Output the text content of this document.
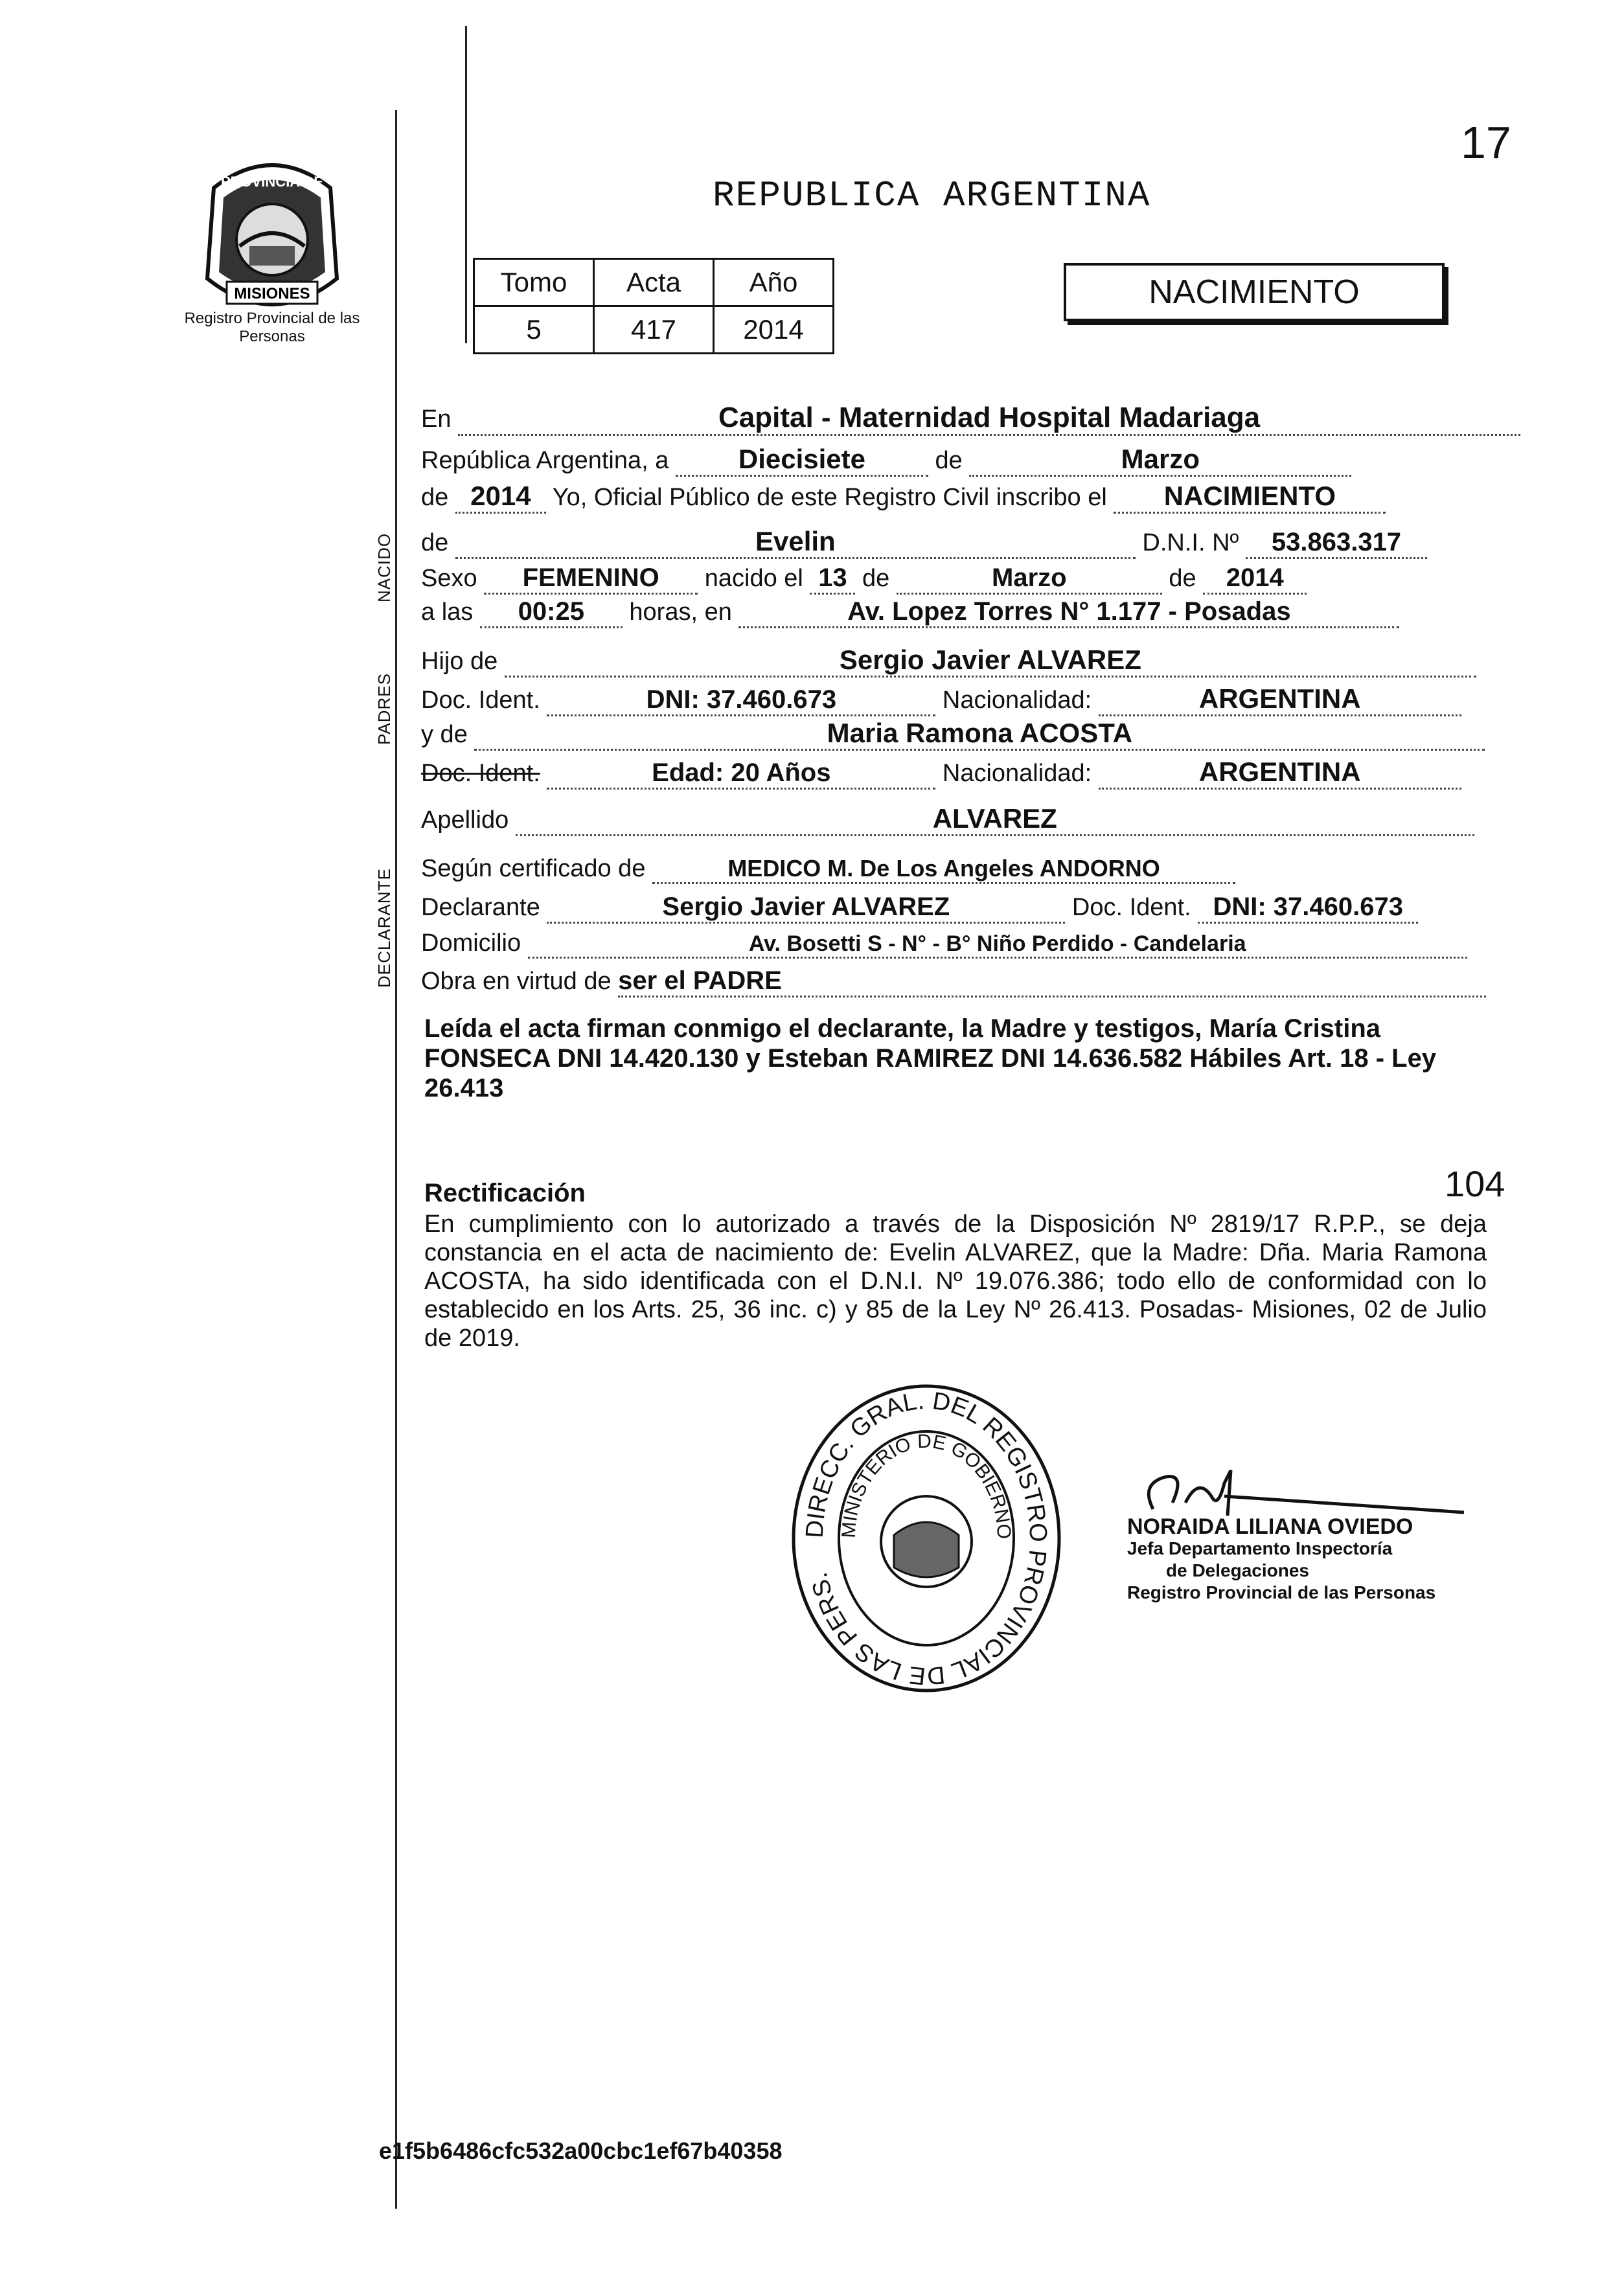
17
PROVINCIA DE
MISIONES
Registro Provincial de las Personas
REPUBLICA ARGENTINA
Tomo	Acta	Año
5	417	2014
NACIMIENTO
NACIDO
PADRES
DECLARANTE
En	Capital - Maternidad Hospital Madariaga
República Argentina, a	Diecisiete	de	Marzo
de 2014 Yo, Oficial Público de este Registro Civil inscribo el NACIMIENTO
de	Evelin	D.N.I. Nº 53.863.317
Sexo FEMENINO nacido el 13 de	Marzo	de 2014
a las 00:25 horas, en	Av. Lopez Torres N° 1.177 - Posadas
Hijo de	Sergio Javier ALVAREZ
Doc. Ident.	DNI: 37.460.673	Nacionalidad:	ARGENTINA
y de	Maria Ramona ACOSTA
Doc. Ident.	Edad: 20 Años	Nacionalidad:	ARGENTINA
Apellido	ALVAREZ
Según certificado de	MEDICO M. De Los Angeles ANDORNO
Declarante	Sergio Javier ALVAREZ	Doc. Ident. DNI: 37.460.673
Domicilio	Av. Bosetti S - N° - B° Niño Perdido - Candelaria
Obra en virtud de ser el PADRE
Leída el acta firman conmigo el declarante, la Madre y testigos, María Cristina FONSECA DNI 14.420.130 y Esteban RAMIREZ DNI 14.636.582 Hábiles Art. 18 - Ley 26.413
Rectificación	104
En cumplimiento con lo autorizado a través de la Disposición Nº 2819/17 R.P.P., se deja constancia en el acta de nacimiento de: Evelin ALVAREZ, que la Madre: Dña. Maria Ramona ACOSTA, ha sido identificada con el D.N.I. Nº 19.076.386; todo ello de conformidad con lo establecido en los Arts. 25, 36 inc. c) y 85 de la Ley Nº 26.413. Posadas- Misiones, 02 de Julio de 2019.
DIRECC. GRAL. DEL REGISTRO PROVINCIAL DE LAS PERS.
MINISTERIO DE GOBIERNO	NORAIDA LILIANA OVIEDO
Jefa Departamento Inspectoría
de Delegaciones
Registro Provincial de las Personas
e1f5b6486cfc532a00cbc1ef67b40358
